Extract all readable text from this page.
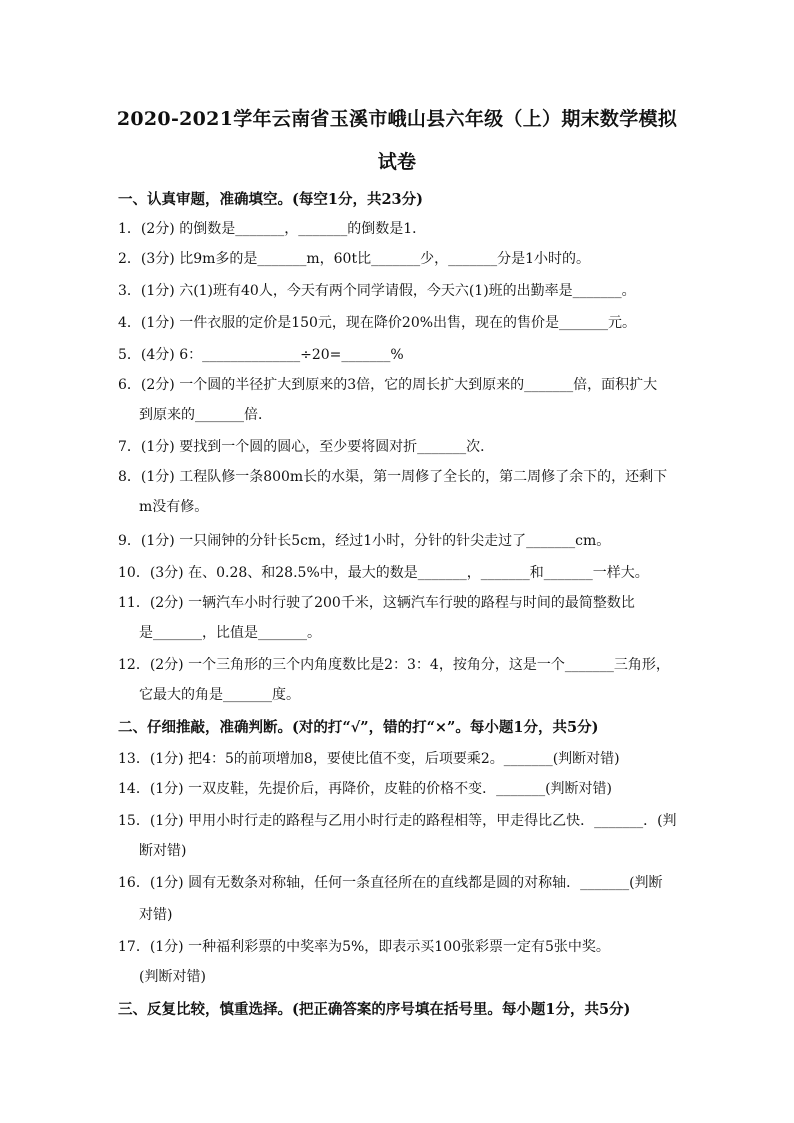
2020-2021学年云南省玉溪市峨山县六年级（上）期末数学模拟
试卷
一、认真审题，准确填空。(每空1分，共23分)
1．(2分) 的倒数是_______，_______的倒数是1．
2．(3分) 比9m多的是_______m，60t比_______少，_______分是1小时的。
3．(1分) 六(1)班有40人，今天有两个同学请假，今天六(1)班的出勤率是_______。
4．(1分) 一件衣服的定价是150元，现在降价20%出售，现在的售价是_______元。
5．(4分) 6：______________÷20=_______%
6．(2分) 一个圆的半径扩大到原来的3倍，它的周长扩大到原来的_______倍，面积扩大
到原来的_______倍．
7．(1分) 要找到一个圆的圆心，至少要将圆对折_______次．
8．(1分) 工程队修一条800m长的水渠，第一周修了全长的，第二周修了余下的，还剩下
m没有修。
9．(1分) 一只闹钟的分针长5cm，经过1小时，分针的针尖走过了_______cm。
10．(3分) 在、0.28、和28.5%中，最大的数是_______，_______和_______一样大。
11．(2分) 一辆汽车小时行驶了200千米，这辆汽车行驶的路程与时间的最简整数比
是_______，比值是_______。
12．(2分) 一个三角形的三个内角度数比是2：3：4，按角分，这是一个_______三角形，
它最大的角是_______度。
二、仔细推敲，准确判断。(对的打“√”，错的打“×”。每小题1分，共5分)
13．(1分) 把4：5的前项增加8，要使比值不变，后项要乘2。_______(判断对错)
14．(1分) 一双皮鞋，先提价后，再降价，皮鞋的价格不变．_______(判断对错)
15．(1分) 甲用小时行走的路程与乙用小时行走的路程相等，甲走得比乙快．_______．(判
断对错)
16．(1分) 圆有无数条对称轴，任何一条直径所在的直线都是圆的对称轴．_______(判断
对错)
17．(1分) 一种福利彩票的中奖率为5%，即表示买100张彩票一定有5张中奖。
(判断对错)
三、反复比较，慎重选择。(把正确答案的序号填在括号里。每小题1分，共5分)
